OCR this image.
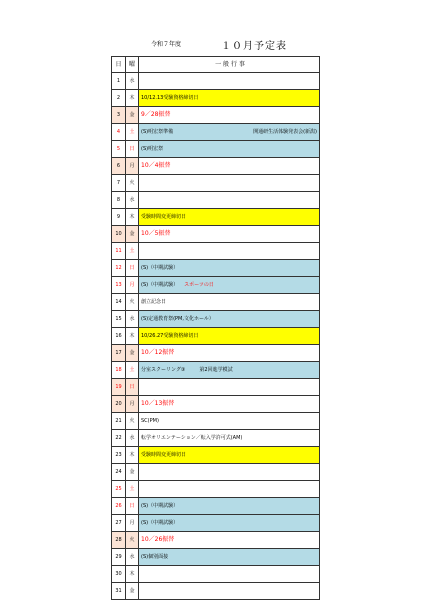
令和７年度	１０月予定表
日	曜	一 般 行 事
1	水	

2	木	10/12.13受験資格締切日

3	金	9／28振替

4	土	(S)明宏祭準備 開通研生活体験発表会(新潟)

5	日	(S)明宏祭

6	月	10／4振替

7	火	

8	水	

9	木	受験時間変更締切日

10	金	10／5振替

11	土	

12	日	(S)（中期試験）

13	月	(S)（中期試験） スポーツの日

14	火	創立記念日

15	水	(S)定通教育祭(PM,文化ホール）

16	木	10/26.27受験資格締切日

17	金	10／12振替

18	土	分室スクーリング③ 第2回進学模試

19	日	

20	月	10／13振替

21	火	SC(PM)

22	水	転学オリエンテーション／転入学許可式(AM)

23	木	受験時間変更締切日

24	金	

25	土	

26	日	(S)（中期試験）

27	月	(S)（中期試験）

28	火	10／26振替

29	水	(S)個別面接

30	木	

31	金	
